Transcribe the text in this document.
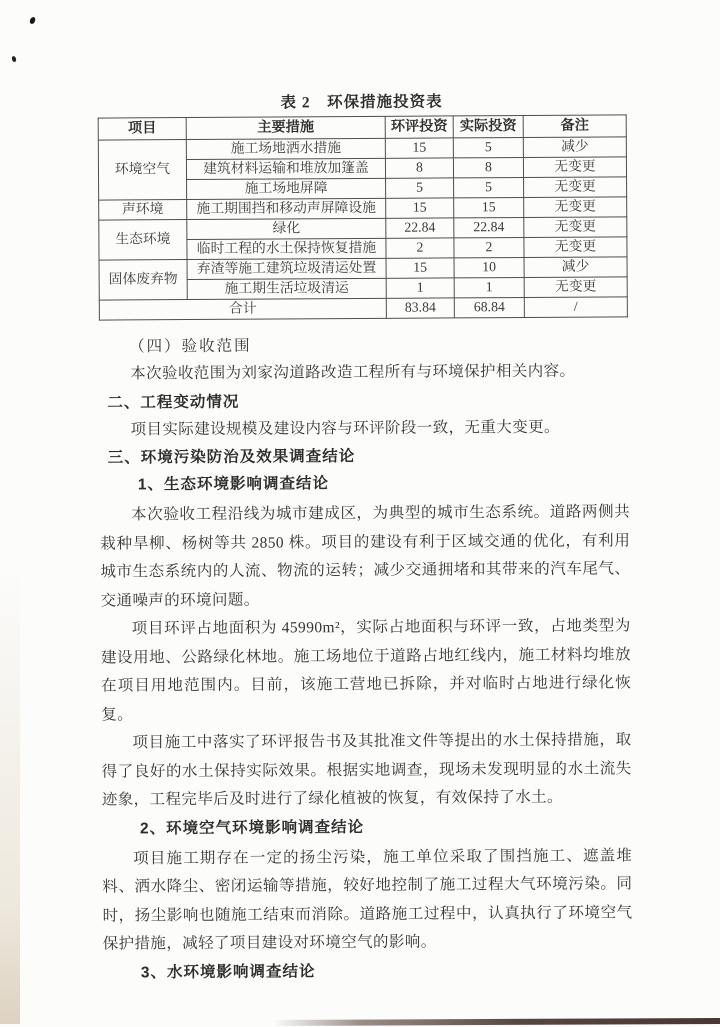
表 2　环保措施投资表
项目	主要措施	环评投资	实际投资	备注
环境空气	施工场地洒水措施	15	5	减少
	建筑材料运输和堆放加篷盖	8	8	无变更
	施工场地屏障	5	5	无变更
声环境	施工期围挡和移动声屏障设施	15	15	无变更
生态环境	绿化	22.84	22.84	无变更
	临时工程的水土保持恢复措施	2	2	无变更
固体废弃物	弃渣等施工建筑垃圾清运处置	15	10	减少
	施工期生活垃圾清运	1	1	无变更
合计		83.84	68.84	/
（四）验收范围

本次验收范围为刘家沟道路改造工程所有与环境保护相关内容。

二、工程变动情况

项目实际建设规模及建设内容与环评阶段一致，无重大变更。

三、环境污染防治及效果调查结论
1、生态环境影响调查结论

本次验收工程沿线为城市建成区，为典型的城市生态系统。道路两侧共栽种旱柳、杨树等共 2850 株。项目的建设有利于区域交通的优化，有利用城市生态系统内的人流、物流的运转；减少交通拥堵和其带来的汽车尾气、交通噪声的环境问题。

项目环评占地面积为 45990m²，实际占地面积与环评一致，占地类型为建设用地、公路绿化林地。施工场地位于道路占地红线内，施工材料均堆放在项目用地范围内。目前，该施工营地已拆除，并对临时占地进行绿化恢复。

项目施工中落实了环评报告书及其批准文件等提出的水土保持措施，取得了良好的水土保持实际效果。根据实地调查，现场未发现明显的水土流失迹象，工程完毕后及时进行了绿化植被的恢复，有效保持了水土。

2、环境空气环境影响调查结论

项目施工期存在一定的扬尘污染，施工单位采取了围挡施工、遮盖堆料、洒水降尘、密闭运输等措施，较好地控制了施工过程大气环境污染。同时，扬尘影响也随施工结束而消除。道路施工过程中，认真执行了环境空气保护措施，减轻了项目建设对环境空气的影响。

3、水环境影响调查结论
